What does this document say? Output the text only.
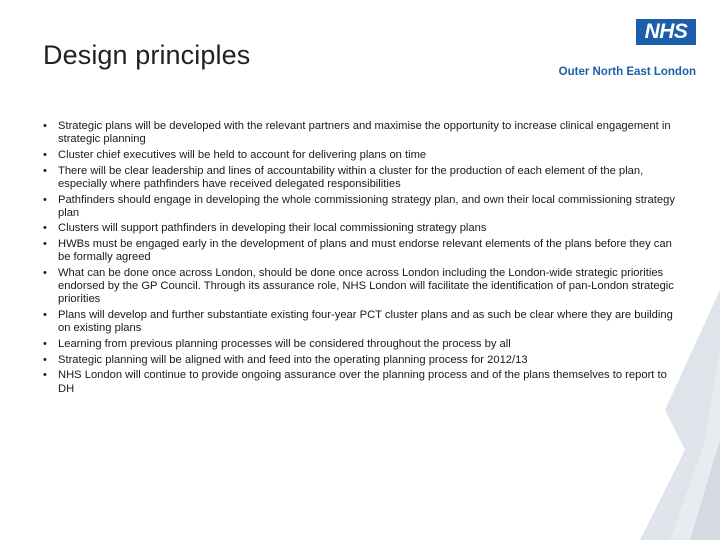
Design principles
NHS
Outer North East London
• Strategic plans will be developed with the relevant partners and maximise the opportunity to increase clinical engagement in strategic planning
• Cluster chief executives will be held to account for delivering plans on time
• There will be clear leadership and lines of accountability within a cluster for the production of each element of the plan, especially where pathfinders have received delegated responsibilities
• Pathfinders should engage in developing the whole commissioning strategy plan, and own their local commissioning strategy plan
• Clusters will support pathfinders in developing their local commissioning strategy plans
• HWBs must be engaged early in the development of plans and must endorse relevant elements of the plans before they can be formally agreed
• What can be done once across London, should be done once across London including the London-wide strategic priorities endorsed by the GP Council. Through its assurance role, NHS London will facilitate the identification of pan-London strategic priorities
• Plans will develop and further substantiate existing four-year PCT cluster plans and as such be clear where they are building on existing plans
• Learning from previous planning processes will be considered throughout the process by all
• Strategic planning will be aligned with and feed into the operating planning process for 2012/13
• NHS London will continue to provide ongoing assurance over the planning process and of the plans themselves to report to DH
